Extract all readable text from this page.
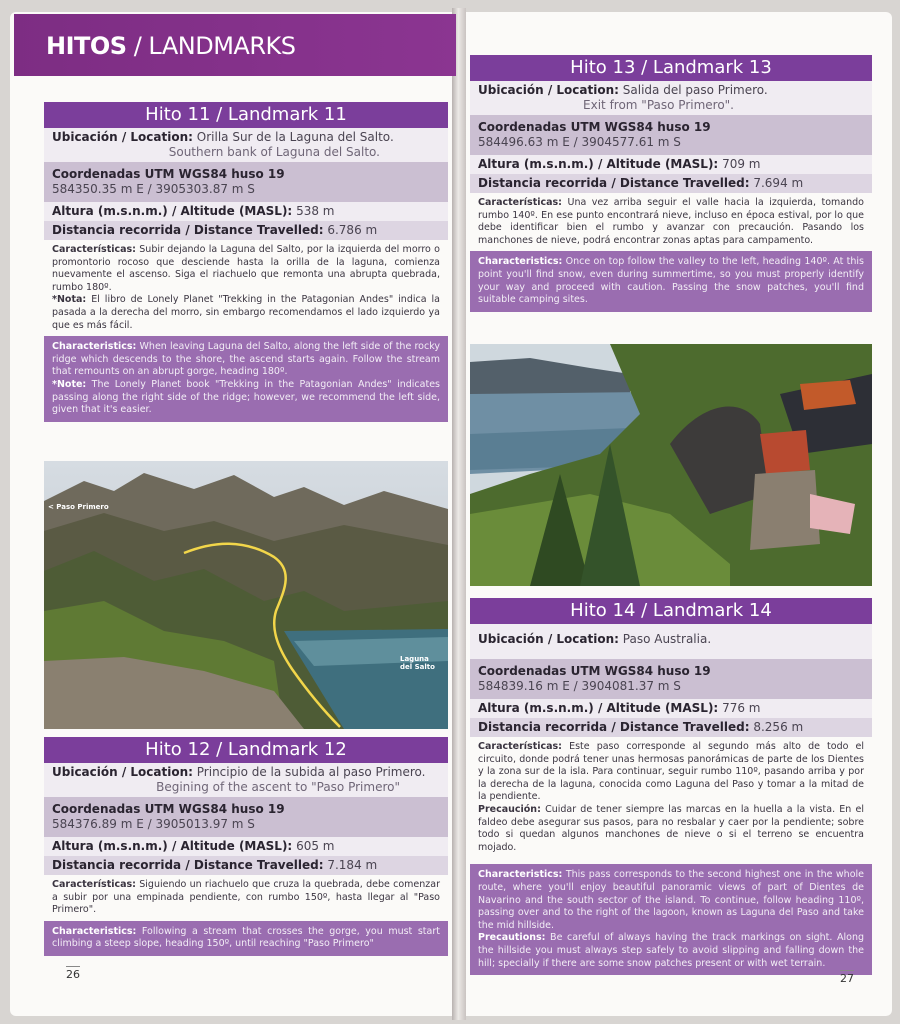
HITOS / LANDMARKS
Hito 11 / Landmark 11
Ubicación / Location: Orilla Sur de la Laguna del Salto.
Southern bank of Laguna del Salto.
Coordenadas UTM WGS84 huso 19
584350.35 m E / 3905303.87 m S
Altura (m.s.n.m.) / Altitude (MASL): 538 m
Distancia recorrida / Distance Travelled: 6.786 m
Características: Subir dejando la Laguna del Salto, por la izquierda del morro o promontorio rocoso que desciende hasta la orilla de la laguna, comienza nuevamente el ascenso. Siga el riachuelo que remonta una abrupta quebrada, rumbo 180º.
*Nota: El libro de Lonely Planet "Trekking in the Patagonian Andes" indica la pasada a la derecha del morro, sin embargo recomendamos el lado izquierdo ya que es más fácil.
Characteristics: When leaving Laguna del Salto, along the left side of the rocky ridge which descends to the shore, the ascend starts again. Follow the stream that remounts on an abrupt gorge, heading 180º.
*Note: The Lonely Planet book "Trekking in the Patagonian Andes" indicates passing along the right side of the ridge; however, we recommend the left side, given that it's easier.
< Paso Primero
Laguna
del Salto
Hito 12 / Landmark 12
Ubicación / Location: Principio de la subida al paso Primero.
Begining of the ascent to "Paso Primero"
Coordenadas UTM WGS84 huso 19
584376.89 m E / 3905013.97 m S
Altura (m.s.n.m.) / Altitude (MASL): 605 m
Distancia recorrida / Distance Travelled: 7.184 m
Características: Siguiendo un riachuelo que cruza la quebrada, debe comenzar a subir por una empinada pendiente, con rumbo 150º, hasta llegar al "Paso Primero".
Characteristics: Following a stream that crosses the gorge, you must start climbing a steep slope, heading 150º, until reaching "Paso Primero"
26
Hito 13 / Landmark 13
Ubicación / Location: Salida del paso Primero.
Exit from "Paso Primero".
Coordenadas UTM WGS84 huso 19
584496.63 m E / 3904577.61 m S
Altura (m.s.n.m.) / Altitude (MASL): 709 m
Distancia recorrida / Distance Travelled: 7.694 m
Características: Una vez arriba seguir el valle hacia la izquierda, tomando rumbo 140º. En ese punto encontrará nieve, incluso en época estival, por lo que debe identificar bien el rumbo y avanzar con precaución. Pasando los manchones de nieve, podrá encontrar zonas aptas para campamento.
Characteristics: Once on top follow the valley to the left, heading 140º. At this point you'll find snow, even during summertime, so you must properly identify your way and proceed with caution. Passing the snow patches, you'll find suitable camping sites.
Hito 14 / Landmark 14
Ubicación / Location: Paso Australia.
Coordenadas UTM WGS84 huso 19
584839.16 m E / 3904081.37 m S
Altura (m.s.n.m.) / Altitude (MASL): 776 m
Distancia recorrida / Distance Travelled: 8.256 m
Características: Este paso corresponde al segundo más alto de todo el circuito, donde podrá tener unas hermosas panorámicas de parte de los Dientes y la zona sur de la isla. Para continuar, seguir rumbo 110º, pasando arriba y por la derecha de la laguna, conocida como Laguna del Paso y tomar a la mitad de la pendiente.
Precaución: Cuidar de tener siempre las marcas en la huella a la vista. En el faldeo debe asegurar sus pasos, para no resbalar y caer por la pendiente; sobre todo si quedan algunos manchones de nieve o si el terreno se encuentra mojado.
Characteristics: This pass corresponds to the second highest one in the whole route, where you'll enjoy beautiful panoramic views of part of Dientes de Navarino and the south sector of the island. To continue, follow heading 110º, passing over and to the right of the lagoon, known as Laguna del Paso and take the mid hillside.
Precautions: Be careful of always having the track markings on sight. Along the hillside you must always step safely to avoid slipping and falling down the hill; specially if there are some snow patches present or with wet terrain.
27
